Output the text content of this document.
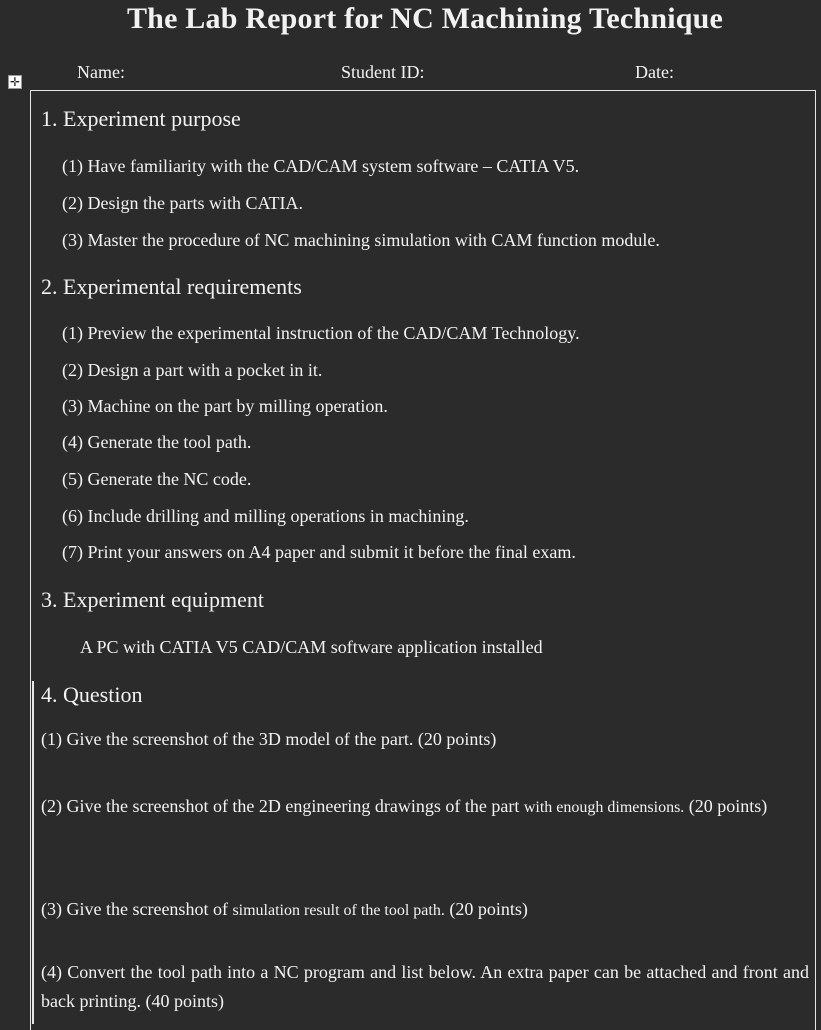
The Lab Report for NC Machining Technique
✛	Name:	Student ID:	Date:

1. Experiment purpose

(1) Have familiarity with the CAD/CAM system software – CATIA V5.

(2) Design the parts with CATIA.

(3) Master the procedure of NC machining simulation with CAM function module.

2. Experimental requirements

(1) Preview the experimental instruction of the CAD/CAM Technology.

(2) Design a part with a pocket in it.

(3) Machine on the part by milling operation.

(4) Generate the tool path.

(5) Generate the NC code.

(6) Include drilling and milling operations in machining.

(7) Print your answers on A4 paper and submit it before the final exam.

3. Experiment equipment

A PC with CATIA V5 CAD/CAM software application installed

4. Question

(1) Give the screenshot of the 3D model of the part. (20 points)

(2) Give the screenshot of the 2D engineering drawings of the part with enough dimensions. (20 points)

(3) Give the screenshot of simulation result of the tool path. (20 points)

(4) Convert the tool path into a NC program and list below. An extra paper can be attached and front and back printing. (40 points)
